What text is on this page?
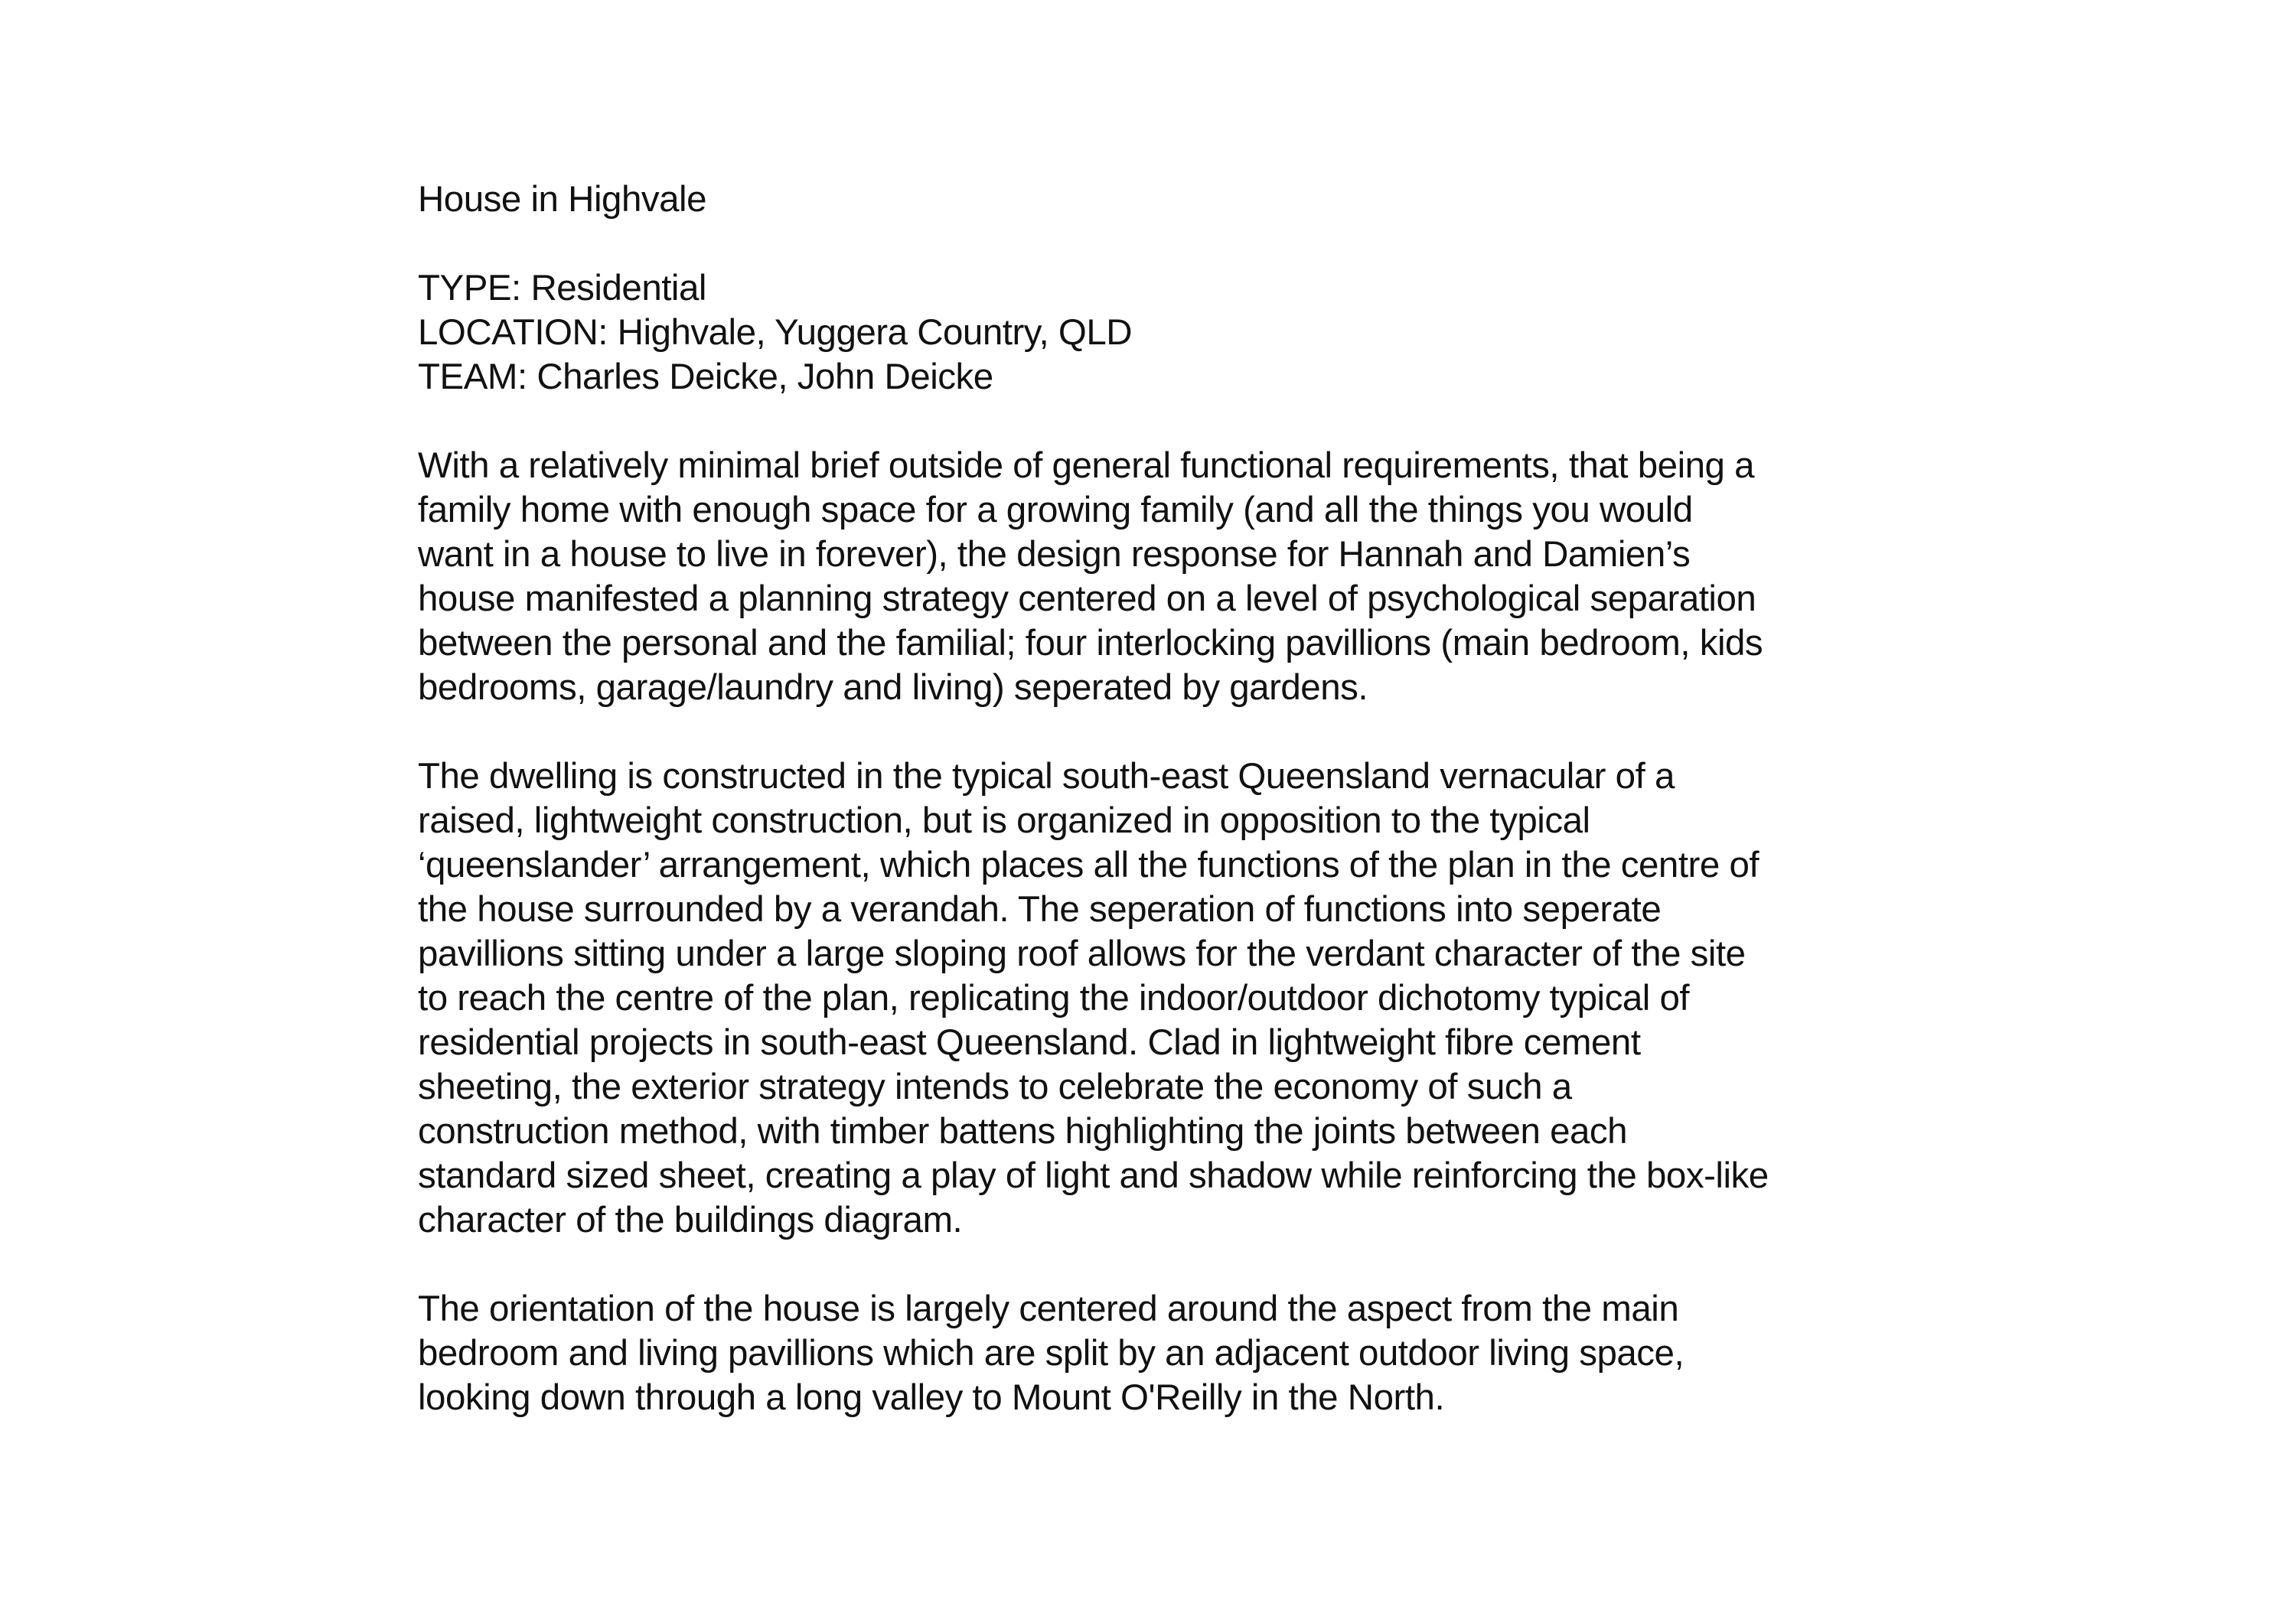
House in Highvale
TYPE: Residential
LOCATION: Highvale, Yuggera Country, QLD
TEAM: Charles Deicke, John Deicke
With a relatively minimal brief outside of general functional requirements, that being a
family home with enough space for a growing family (and all the things you would
want in a house to live in forever), the design response for Hannah and Damien’s
house manifested a planning strategy centered on a level of psychological separation
between the personal and the familial; four interlocking pavillions (main bedroom, kids
bedrooms, garage/laundry and living) seperated by gardens.
The dwelling is constructed in the typical south-east Queensland vernacular of a
raised, lightweight construction, but is organized in opposition to the typical
‘queenslander’ arrangement, which places all the functions of the plan in the centre of
the house surrounded by a verandah. The seperation of functions into seperate
pavillions sitting under a large sloping roof allows for the verdant character of the site
to reach the centre of the plan, replicating the indoor/outdoor dichotomy typical of
residential projects in south-east Queensland. Clad in lightweight fibre cement
sheeting, the exterior strategy intends to celebrate the economy of such a
construction method, with timber battens highlighting the joints between each
standard sized sheet, creating a play of light and shadow while reinforcing the box-like
character of the buildings diagram.
The orientation of the house is largely centered around the aspect from the main
bedroom and living pavillions which are split by an adjacent outdoor living space,
looking down through a long valley to Mount O'Reilly in the North.
